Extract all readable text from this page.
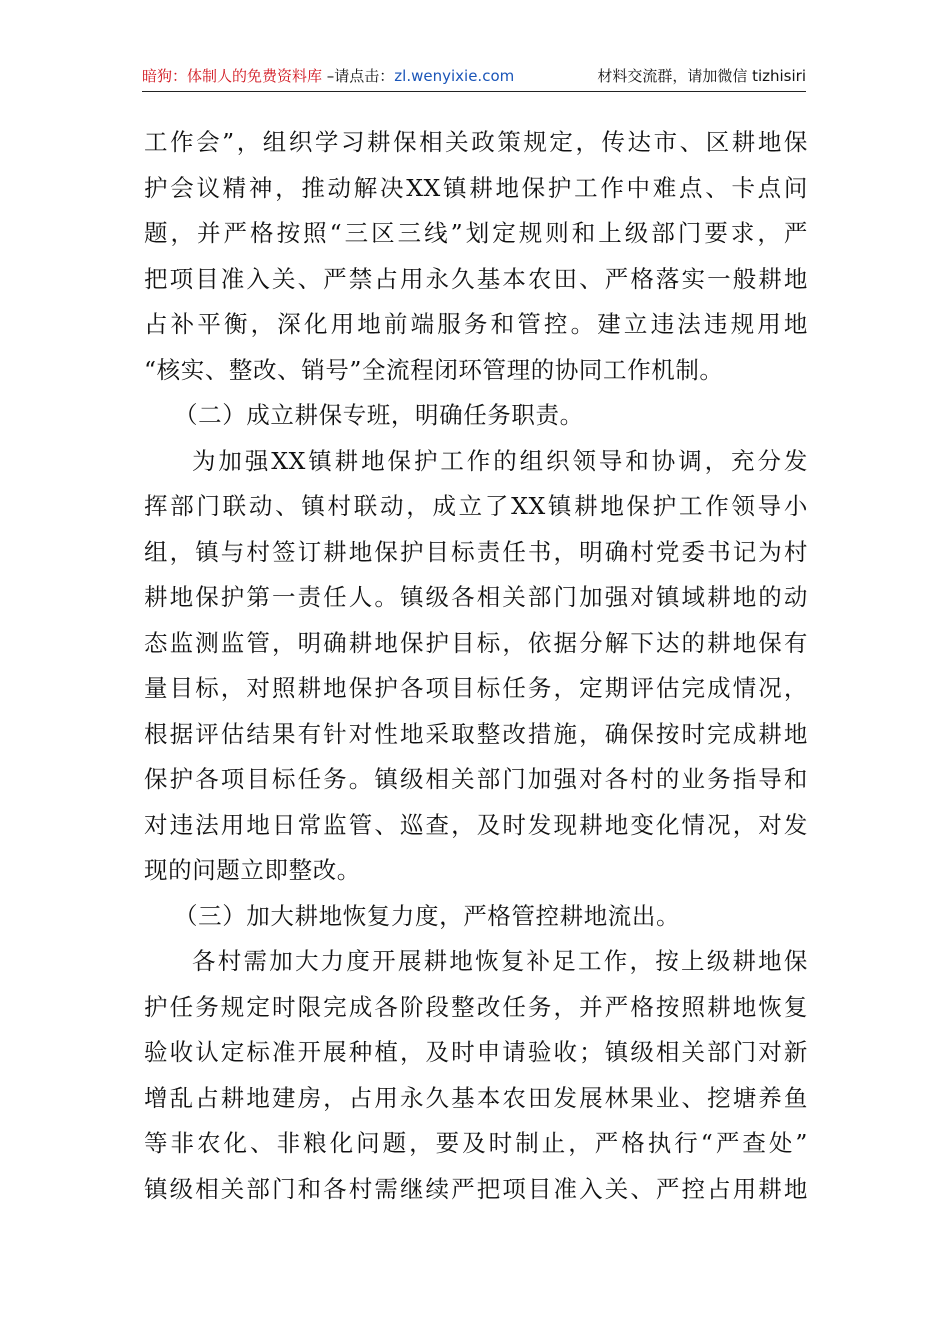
暗狗：体制人的免费资料库 –请点击：zl.wenyixie.com	材料交流群，请加微信 tizhisiri
工作会”，组织学习耕保相关政策规定，传达市、区耕地保
护会议精神，推动解决XX镇耕地保护工作中难点、卡点问
题，并严格按照“三区三线”划定规则和上级部门要求，严
把项目准入关、严禁占用永久基本农田、严格落实一般耕地
占补平衡，深化用地前端服务和管控。建立违法违规用地
“核实、整改、销号”全流程闭环管理的协同工作机制。
（二）成立耕保专班，明确任务职责。
为加强XX镇耕地保护工作的组织领导和协调，充分发
挥部门联动、镇村联动，成立了XX镇耕地保护工作领导小
组，镇与村签订耕地保护目标责任书，明确村党委书记为村
耕地保护第一责任人。镇级各相关部门加强对镇域耕地的动
态监测监管，明确耕地保护目标，依据分解下达的耕地保有
量目标，对照耕地保护各项目标任务，定期评估完成情况，
根据评估结果有针对性地采取整改措施，确保按时完成耕地
保护各项目标任务。镇级相关部门加强对各村的业务指导和
对违法用地日常监管、巡查，及时发现耕地变化情况，对发
现的问题立即整改。
（三）加大耕地恢复力度，严格管控耕地流出。
各村需加大力度开展耕地恢复补足工作，按上级耕地保
护任务规定时限完成各阶段整改任务，并严格按照耕地恢复
验收认定标准开展种植，及时申请验收；镇级相关部门对新
增乱占耕地建房，占用永久基本农田发展林果业、挖塘养鱼
等非农化、非粮化问题，要及时制止，严格执行“严查处”
镇级相关部门和各村需继续严把项目准入关、严控占用耕地
